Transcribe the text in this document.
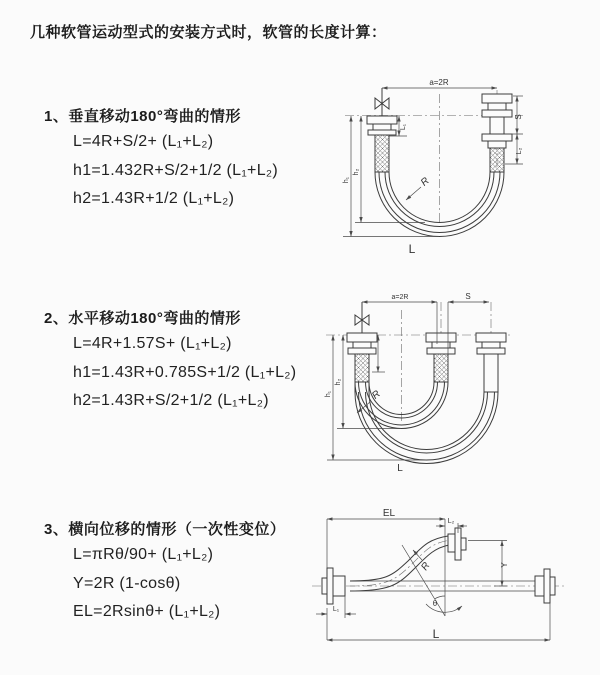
几种软管运动型式的安装方式时，软管的长度计算：
1、垂直移动180°弯曲的情形
L=4R+S/2+ (L₁+L₂)
h1=1.432R+S/2+1/2 (L₁+L₂)
h2=1.43R+1/2 (L₁+L₂)
a=2R
S
L₂
L₁
h₁
h₂
R
L
2、水平移动180°弯曲的情形
L=4R+1.57S+ (L₁+L₂)
h1=1.43R+0.785S+1/2 (L₁+L₂)
h2=1.43R+S/2+1/2 (L₁+L₂)
a=2R	S
h₁
h₂
R
L
3、横向位移的情形（一次性变位）
L=πRθ/90+ (L₁+L₂)
Y=2R (1-cosθ)
EL=2Rsinθ+ (L₁+L₂)
EL
L₂
L₁
Y
R
θ
L
